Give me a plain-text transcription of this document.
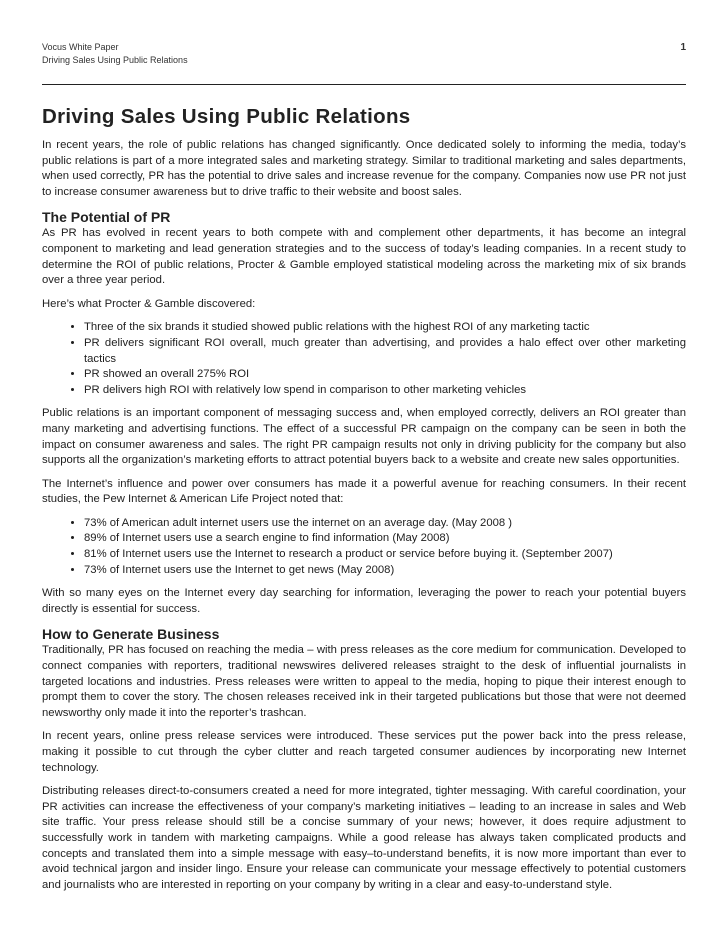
Vocus White Paper
Driving Sales Using Public Relations
1
Driving Sales Using Public Relations

In recent years, the role of public relations has changed significantly. Once dedicated solely to informing the media, today’s public relations is part of a more integrated sales and marketing strategy. Similar to traditional marketing and sales departments, when used correctly, PR has the potential to drive sales and increase revenue for the company. Companies now use PR not just to increase consumer awareness but to drive traffic to their website and boost sales.

The Potential of PR

As PR has evolved in recent years to both compete with and complement other departments, it has become an integral component to marketing and lead generation strategies and to the success of today’s leading companies. In a recent study to determine the ROI of public relations, Procter & Gamble employed statistical modeling across the marketing mix of six brands over a three year period.

Here’s what Procter & Gamble discovered:

• Three of the six brands it studied showed public relations with the highest ROI of any marketing tactic
• PR delivers significant ROI overall, much greater than advertising, and provides a halo effect over other marketing tactics
• PR showed an overall 275% ROI
• PR delivers high ROI with relatively low spend in comparison to other marketing vehicles

Public relations is an important component of messaging success and, when employed correctly, delivers an ROI greater than many marketing and advertising functions. The effect of a successful PR campaign on the company can be seen in both the impact on consumer awareness and sales. The right PR campaign results not only in driving publicity for the company but also supports all the organization’s marketing efforts to attract potential buyers back to a website and create new sales opportunities.

The Internet’s influence and power over consumers has made it a powerful avenue for reaching consumers. In their recent studies, the Pew Internet & American Life Project noted that:

• 73% of American adult internet users use the internet on an average day. (May 2008 )
• 89% of Internet users use a search engine to find information (May 2008)
• 81% of Internet users use the Internet to research a product or service before buying it. (September 2007)
• 73% of Internet users use the Internet to get news (May 2008)

With so many eyes on the Internet every day searching for information, leveraging the power to reach your potential buyers directly is essential for success.

How to Generate Business

Traditionally, PR has focused on reaching the media – with press releases as the core medium for communication. Developed to connect companies with reporters, traditional newswires delivered releases straight to the desk of influential journalists in targeted locations and industries. Press releases were written to appeal to the media, hoping to pique their interest enough to prompt them to cover the story. The chosen releases received ink in their targeted publications but those that were not deemed newsworthy only made it into the reporter’s trashcan.

In recent years, online press release services were introduced. These services put the power back into the press release, making it possible to cut through the cyber clutter and reach targeted consumer audiences by incorporating new Internet technology.

Distributing releases direct-to-consumers created a need for more integrated, tighter messaging. With careful coordination, your PR activities can increase the effectiveness of your company’s marketing initiatives – leading to an increase in sales and Web site traffic. Your press release should still be a concise summary of your news; however, it does require adjustment to successfully work in tandem with marketing campaigns. While a good release has always taken complicated products and concepts and translated them into a simple message with easy–to-understand benefits, it is now more important than ever to avoid technical jargon and insider lingo. Ensure your release can communicate your message effectively to potential customers and journalists who are interested in reporting on your company by writing in a clear and easy-to-understand style.
